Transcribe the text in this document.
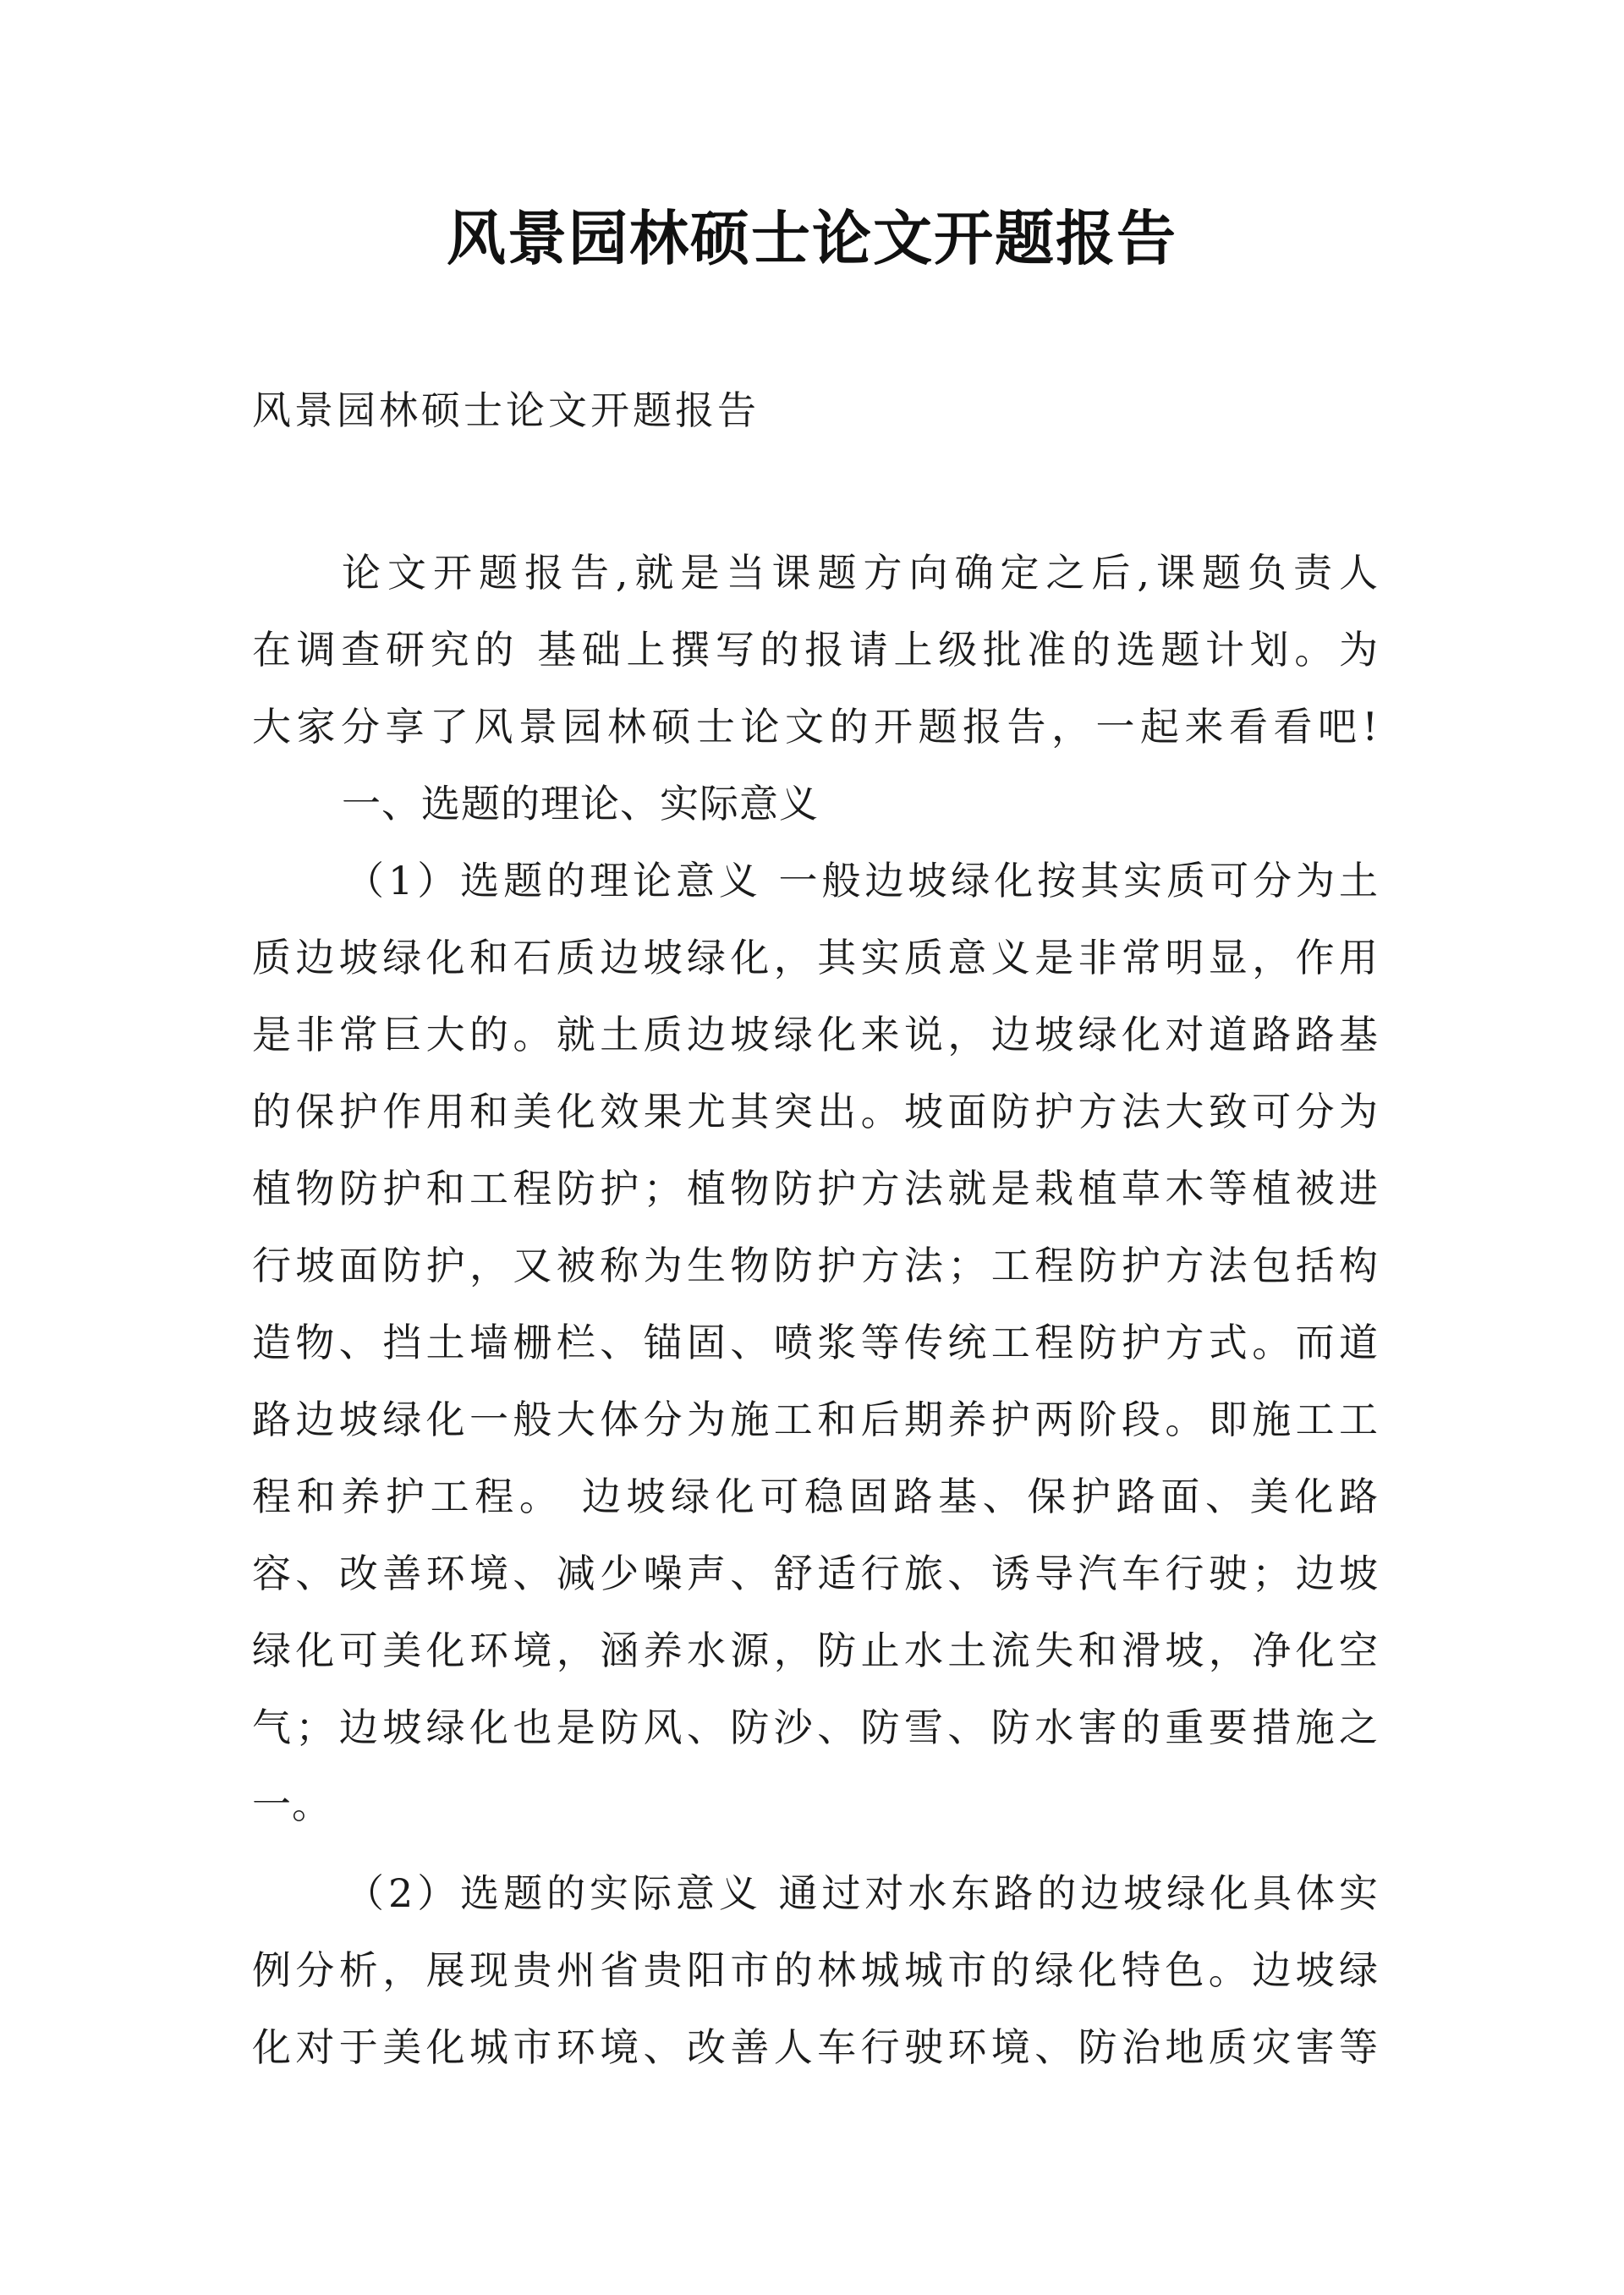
风景园林硕士论文开题报告

风景园林硕士论文开题报告

论文开题报告,就是当课题方向确定之后,课题负责人
在调查研究的 基础上撰写的报请上级批准的选题计划。为
大家分享了风景园林硕士论文的开题报告，一起来看看吧!
一、选题的理论、实际意义
（1）选题的理论意义 一般边坡绿化按其实质可分为土
质边坡绿化和石质边坡绿化，其实质意义是非常明显，作用
是非常巨大的。就土质边坡绿化来说，边坡绿化对道路路基
的保护作用和美化效果尤其突出。坡面防护方法大致可分为
植物防护和工程防护；植物防护方法就是栽植草木等植被进
行坡面防护，又被称为生物防护方法；工程防护方法包括构
造物、挡土墙栅栏、锚固、喷浆等传统工程防护方式。而道
路边坡绿化一般大体分为施工和后期养护两阶段。即施工工
程和养护工程。 边坡绿化可稳固路基、保护路面、美化路
容、改善环境、减少噪声、舒适行旅、诱导汽车行驶；边坡
绿化可美化环境，涵养水源，防止水土流失和滑坡，净化空
气；边坡绿化也是防风、防沙、防雪、防水害的重要措施之
一。
（2）选题的实际意义 通过对水东路的边坡绿化具体实
例分析，展现贵州省贵阳市的林城城市的绿化特色。边坡绿
化对于美化城市环境、改善人车行驶环境、防治地质灾害等
